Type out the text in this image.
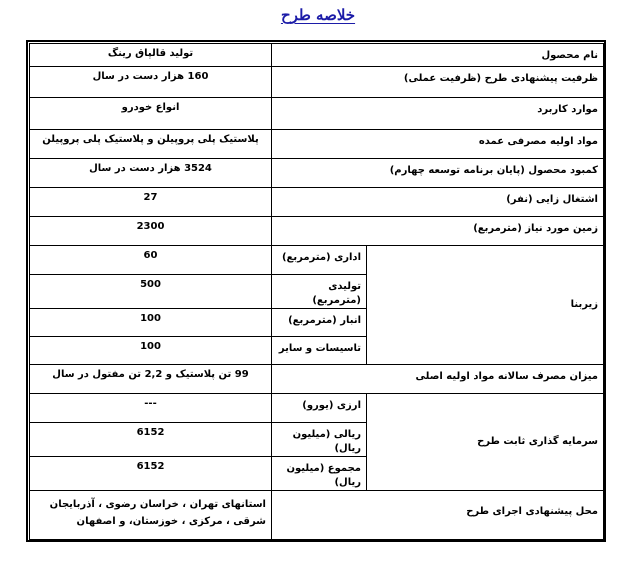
خلاصه طرح
نام محصول		تولید قالپاق رینگ
ظرفیت پیشنهادی طرح (ظرفیت عملی)		160 هزار دست در سال
موارد کاربرد		انواع خودرو
مواد اولیه مصرفی عمده		پلاستیک پلی پروپیلن و پلاستیک پلی پروپیلن
کمبود محصول (پایان برنامه توسعه چهارم)		3524 هزار دست در سال
اشتغال زایی (نفر)		27
زمین مورد نیاز (مترمربع)		2300
زیربنا	اداری (مترمربع)	60
	تولیدی (مترمربع)	500
	انبار (مترمربع)	100
	تاسیسات و سایر	100
میزان مصرف سالانه مواد اولیه اصلی		99 تن پلاستیک و 2,2 تن مفتول در سال
سرمایه گذاری ثابت طرح	ارزی (یورو)	---
	ریالی (میلیون ریال)	6152
	مجموع (میلیون ریال)	6152
محل پیشنهادی اجرای طرح		استانهای تهران ، خراسان رضوی ، آذربایجان شرقی ، مرکزی ، خوزستان، و اصفهان
